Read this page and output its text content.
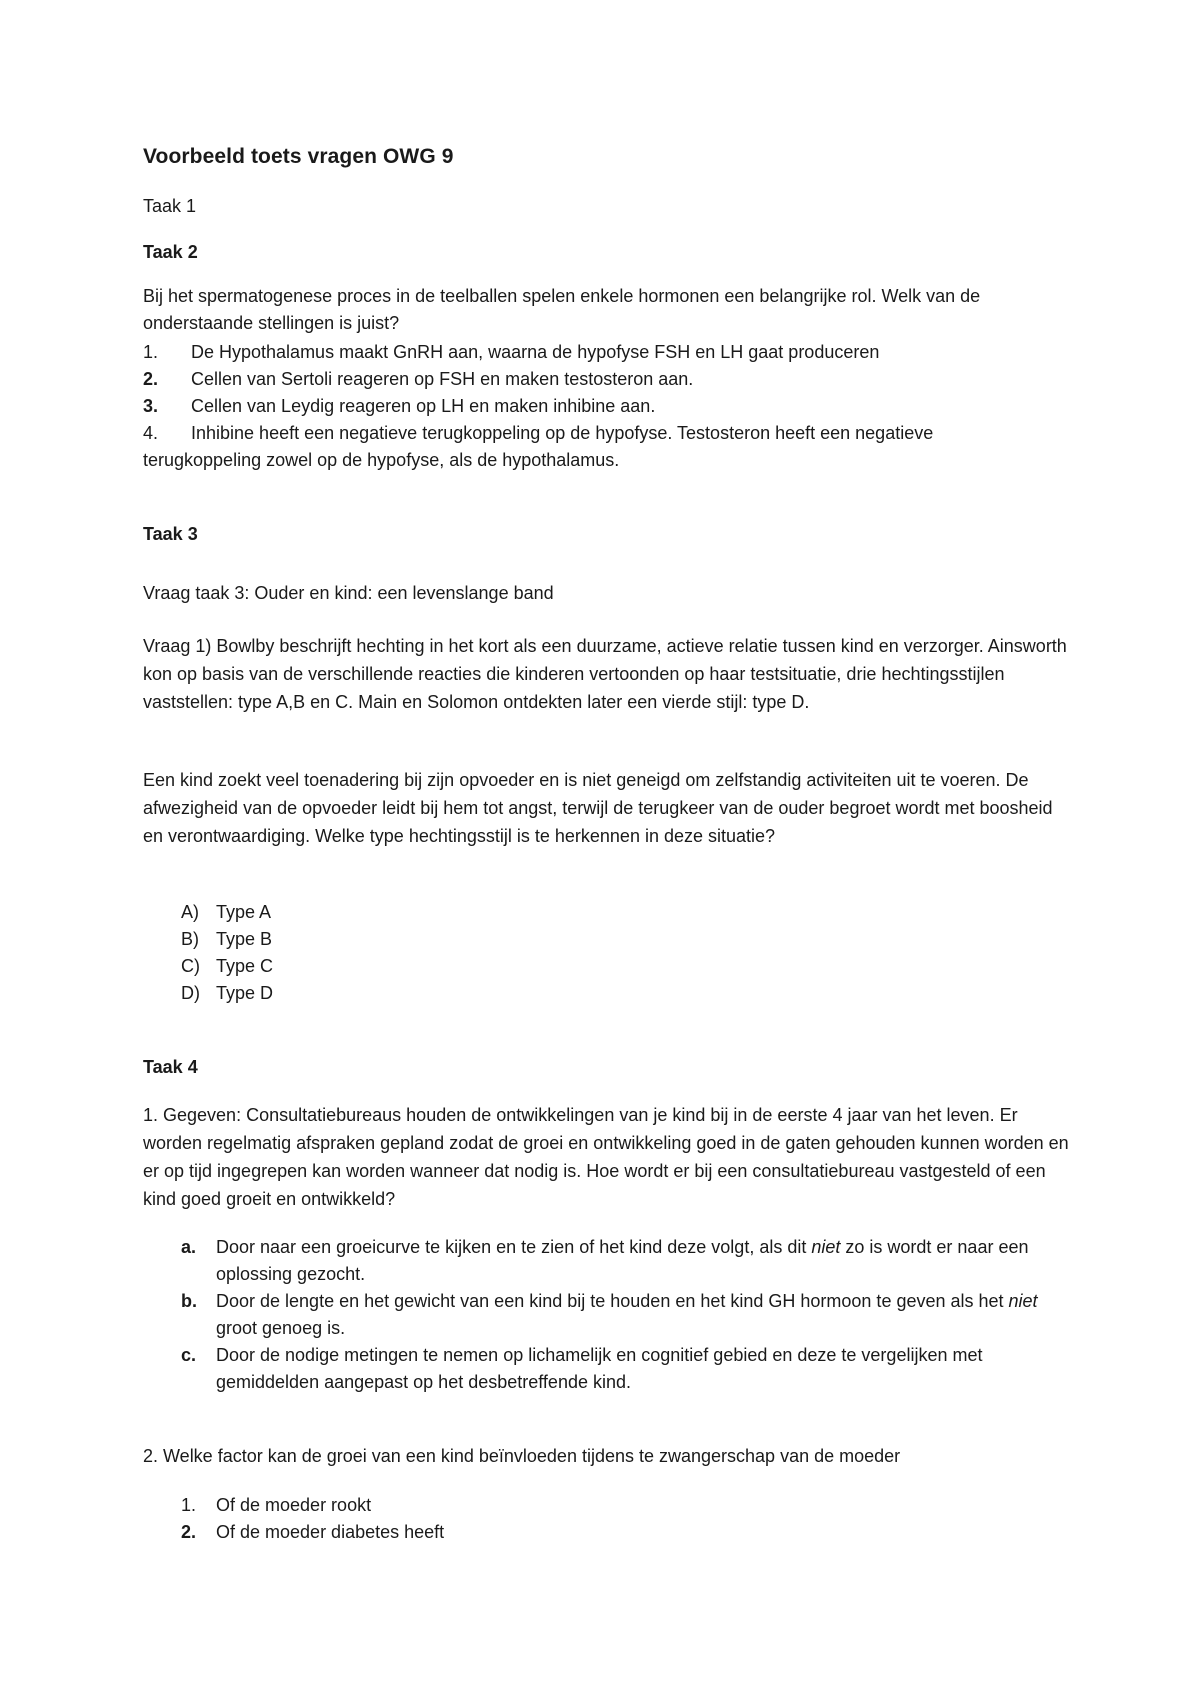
Voorbeeld toets vragen OWG 9
Taak 1
Taak 2
Bij het spermatogenese proces in de teelballen spelen enkele hormonen een belangrijke rol. Welk van de onderstaande stellingen is juist?
1.	De Hypothalamus maakt GnRH aan, waarna de hypofyse FSH en LH gaat produceren
2.	Cellen van Sertoli reageren op FSH en maken testosteron aan.
3.	Cellen van Leydig reageren op LH en maken inhibine aan.
4.	Inhibine heeft een negatieve terugkoppeling op de hypofyse. Testosteron heeft een negatieve
terugkoppeling zowel op de hypofyse, als de hypothalamus.
Taak 3
Vraag taak 3: Ouder en kind: een levenslange band
Vraag 1) Bowlby beschrijft hechting in het kort als een duurzame, actieve relatie tussen kind en verzorger. Ainsworth kon op basis van de verschillende reacties die kinderen vertoonden op haar testsituatie, drie hechtingsstijlen vaststellen: type A,B en C. Main en Solomon ontdekten later een vierde stijl: type D.
Een kind zoekt veel toenadering bij zijn opvoeder en is niet geneigd om zelfstandig activiteiten uit te voeren. De afwezigheid van de opvoeder leidt bij hem tot angst, terwijl de terugkeer van de ouder begroet wordt met boosheid en verontwaardiging. Welke type hechtingsstijl is te herkennen in deze situatie?
A) Type A
B) Type B
C) Type C
D) Type D
Taak 4
1. Gegeven: Consultatiebureaus houden de ontwikkelingen van je kind bij in de eerste 4 jaar van het leven. Er worden regelmatig afspraken gepland zodat de groei en ontwikkeling goed in de gaten gehouden kunnen worden en er op tijd ingegrepen kan worden wanneer dat nodig is. Hoe wordt er bij een consultatiebureau vastgesteld of een kind goed groeit en ontwikkeld?
a.	Door naar een groeicurve te kijken en te zien of het kind deze volgt, als dit niet zo is wordt er naar een oplossing gezocht.
b.	Door de lengte en het gewicht van een kind bij te houden en het kind GH hormoon te geven als het niet groot genoeg is.
c.	Door de nodige metingen te nemen op lichamelijk en cognitief gebied en deze te vergelijken met gemiddelden aangepast op het desbetreffende kind.
2. Welke factor kan de groei van een kind beïnvloeden tijdens te zwangerschap van de moeder
1.	Of de moeder rookt
2.	Of de moeder diabetes heeft
